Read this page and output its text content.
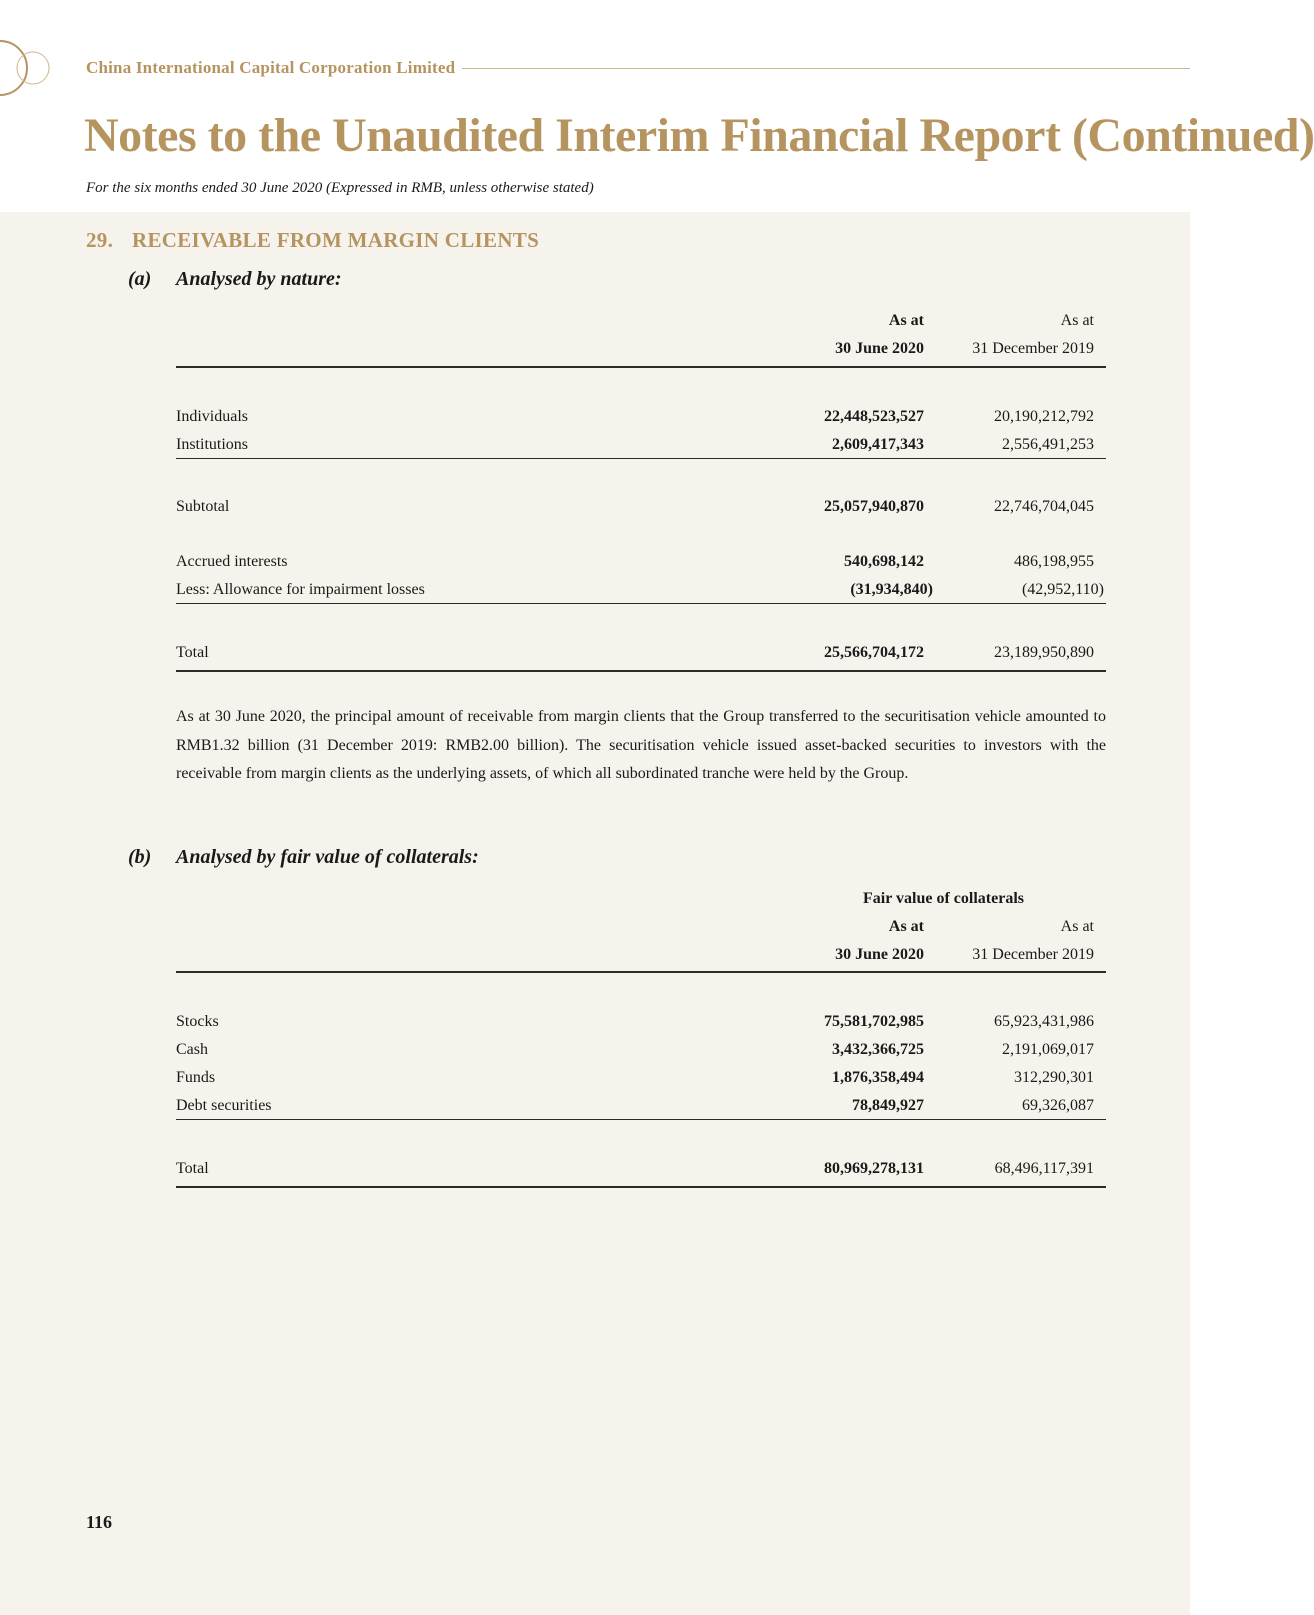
China International Capital Corporation Limited
Notes to the Unaudited Interim Financial Report (Continued)
For the six months ended 30 June 2020 (Expressed in RMB, unless otherwise stated)
29. RECEIVABLE FROM MARGIN CLIENTS
(a) Analysed by nature:
As at	As at
30 June 2020	31 December 2019
Individuals	22,448,523,527	20,190,212,792
Institutions	2,609,417,343	2,556,491,253
Subtotal	25,057,940,870	22,746,704,045
Accrued interests	540,698,142	486,198,955
Less: Allowance for impairment losses	(31,934,840)	(42,952,110)
Total	25,566,704,172	23,189,950,890
As at 30 June 2020, the principal amount of receivable from margin clients that the Group transferred to the securitisation vehicle amounted to RMB1.32 billion (31 December 2019: RMB2.00 billion). The securitisation vehicle issued asset-backed securities to investors with the receivable from margin clients as the underlying assets, of which all subordinated tranche were held by the Group.
(b) Analysed by fair value of collaterals:
Fair value of collaterals
As at	As at
30 June 2020	31 December 2019
Stocks	75,581,702,985	65,923,431,986
Cash	3,432,366,725	2,191,069,017
Funds	1,876,358,494	312,290,301
Debt securities	78,849,927	69,326,087
Total	80,969,278,131	68,496,117,391
116
